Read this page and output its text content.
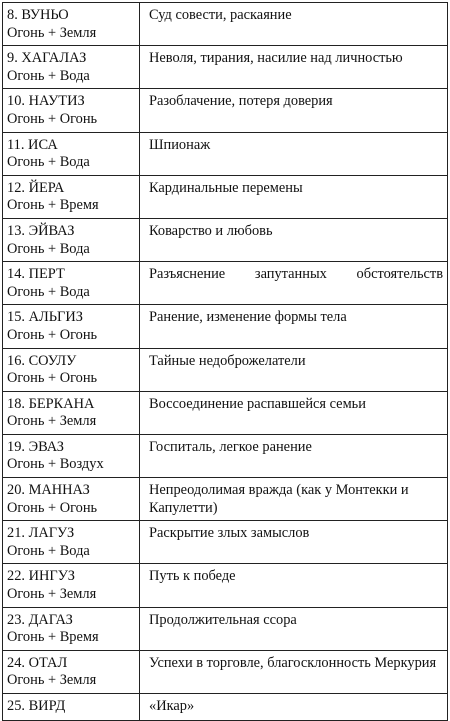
8. ВУНЬО
Огонь + Земля	Суд совести, раскаяние

9. ХАГАЛАЗ
Огонь + Вода	Неволя, тирания, насилие над личностью

10. НАУТИЗ
Огонь + Огонь	Разоблачение, потеря доверия

11. ИСА
Огонь + Вода	Шпионаж

12. ЙЕРА
Огонь + Время	Кардинальные перемены

13. ЭЙВАЗ
Огонь + Вода	Коварство и любовь

14. ПЕРТ
Огонь + Вода	Разъяснение запутанных обстоятельств

15. АЛЬГИЗ
Огонь + Огонь	Ранение, изменение формы тела

16. СОУЛУ
Огонь + Огонь	Тайные недоброжелатели

18. БЕРКАНА
Огонь + Земля	Воссоединение распавшейся семьи

19. ЭВАЗ
Огонь + Воздух	Госпиталь, легкое ранение

20. МАННАЗ
Огонь + Огонь	Непреодолимая вражда (как у Монтекки и Капулетти)

21. ЛАГУЗ
Огонь + Вода	Раскрытие злых замыслов

22. ИНГУЗ
Огонь + Земля	Путь к победе

23. ДАГАЗ
Огонь + Время	Продолжительная ссора

24. ОТАЛ
Огонь + Земля	Успехи в торговле, благосклонность Меркурия

25. ВИРД	«Икар»
